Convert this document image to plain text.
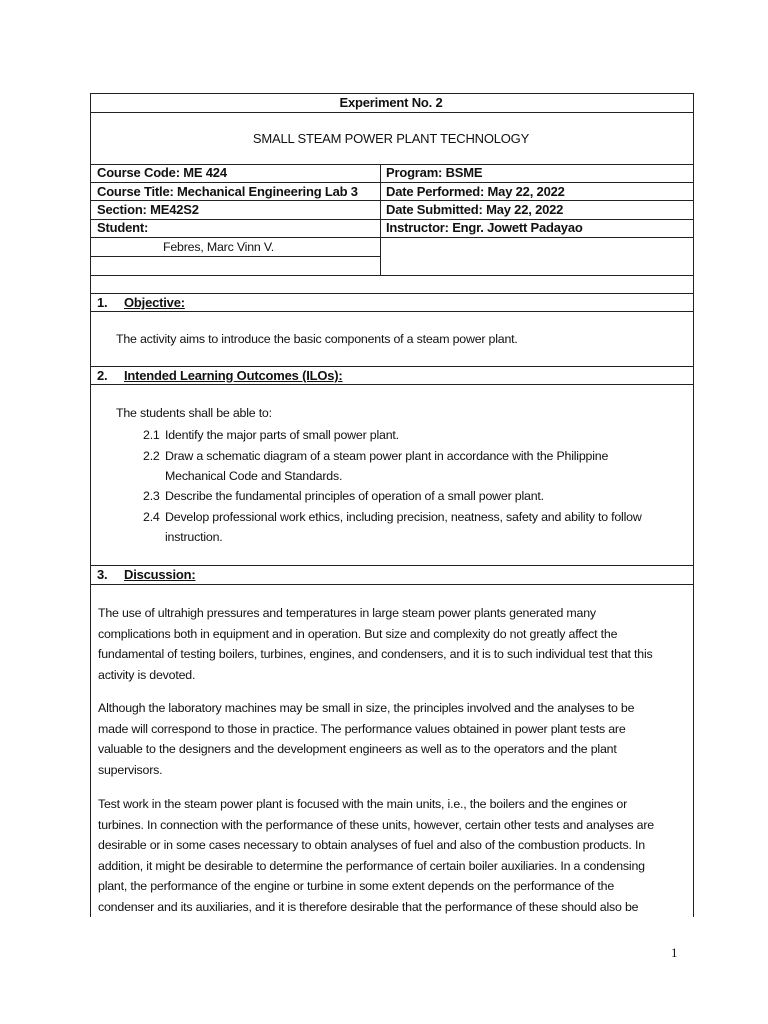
Experiment No. 2
SMALL STEAM POWER PLANT TECHNOLOGY
Course Code: ME 424	Program: BSME
Course Title: Mechanical Engineering Lab 3 Date Performed: May 22, 2022
Section: ME42S2	Date Submitted: May 22, 2022
Student:	Instructor: Engr. Jowett Padayao
Febres, Marc Vinn V.
1. Objective:
The activity aims to introduce the basic components of a steam power plant.
2. Intended Learning Outcomes (ILOs):
The students shall be able to:
2.1 Identify the major parts of small power plant.
2.2 Draw a schematic diagram of a steam power plant in accordance with the Philippine
Mechanical Code and Standards.
2.3 Describe the fundamental principles of operation of a small power plant.
2.4 Develop professional work ethics, including precision, neatness, safety and ability to follow
instruction.
3. Discussion:
The use of ultrahigh pressures and temperatures in large steam power plants generated many
complications both in equipment and in operation. But size and complexity do not greatly affect the
fundamental of testing boilers, turbines, engines, and condensers, and it is to such individual test that this
activity is devoted.
Although the laboratory machines may be small in size, the principles involved and the analyses to be
made will correspond to those in practice. The performance values obtained in power plant tests are
valuable to the designers and the development engineers as well as to the operators and the plant
supervisors.
Test work in the steam power plant is focused with the main units, i.e., the boilers and the engines or
turbines. In connection with the performance of these units, however, certain other tests and analyses are
desirable or in some cases necessary to obtain analyses of fuel and also of the combustion products. In
addition, it might be desirable to determine the performance of certain boiler auxiliaries. In a condensing
plant, the performance of the engine or turbine in some extent depends on the performance of the
condenser and its auxiliaries, and it is therefore desirable that the performance of these should also be
1
